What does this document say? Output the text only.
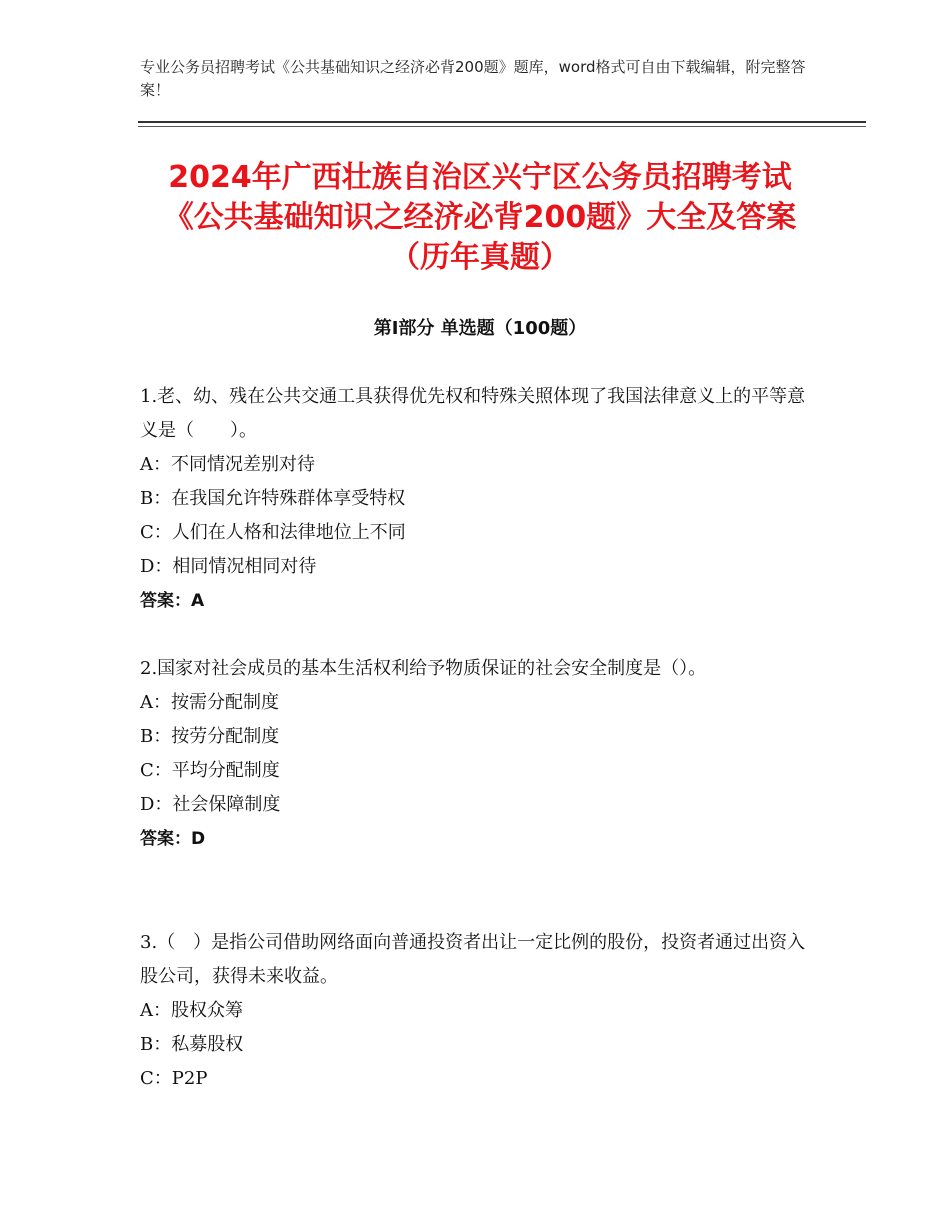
专业公务员招聘考试《公共基础知识之经济必背200题》题库，word格式可自由下载编辑，附完整答案！
2024年广西壮族自治区兴宁区公务员招聘考试《公共基础知识之经济必背200题》大全及答案（历年真题）
第Ⅰ部分 单选题（100题）
1.老、幼、残在公共交通工具获得优先权和特殊关照体现了我国法律意义上的平等意义是（　　）。
A：不同情况差别对待
B：在我国允许特殊群体享受特权
C：人们在人格和法律地位上不同
D：相同情况相同对待
答案：A
2.国家对社会成员的基本生活权利给予物质保证的社会安全制度是（）。
A：按需分配制度
B：按劳分配制度
C：平均分配制度
D：社会保障制度
答案：D
3.（　）是指公司借助网络面向普通投资者出让一定比例的股份，投资者通过出资入股公司，获得未来收益。
A：股权众筹
B：私募股权
C：P2P
